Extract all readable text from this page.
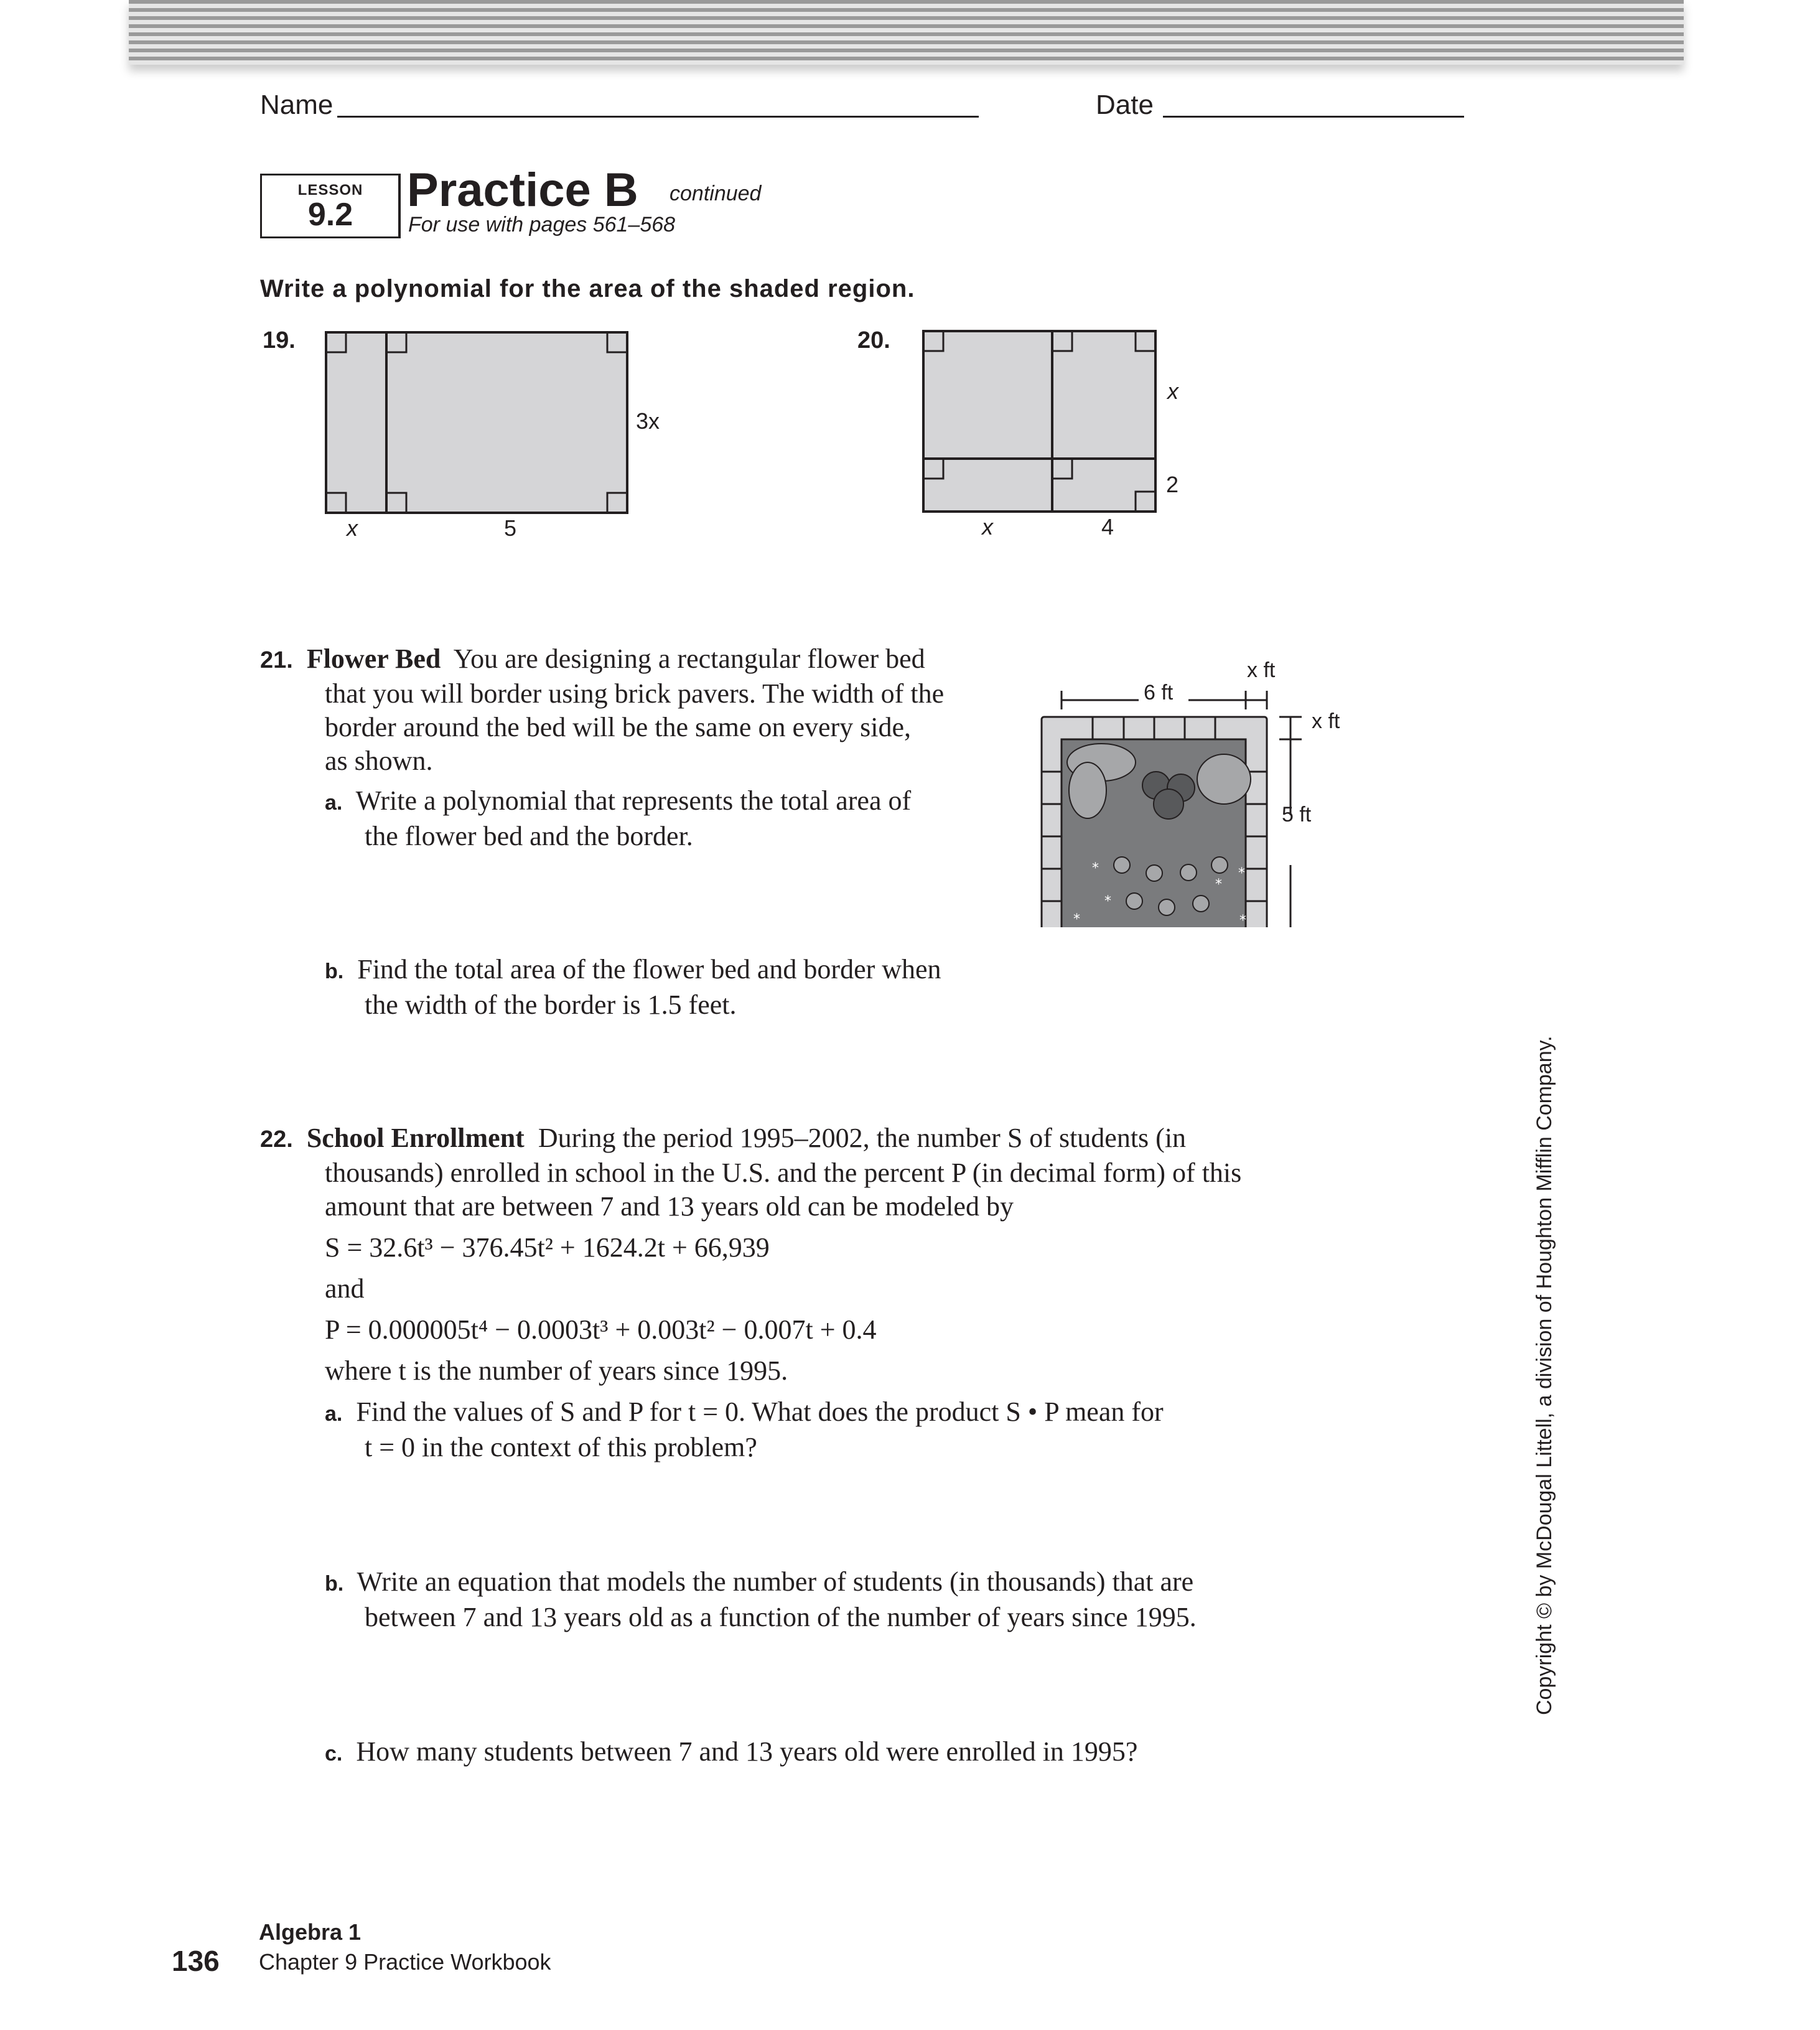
Name	Date
LESSON
9.2	Practice B continued
For use with pages 561–568
Write a polynomial for the area of the shaded region.
19.
x	5
3x
20.
x	4
x
2
21. Flower Bed You are designing a rectangular flower bed
that you will border using brick pavers. The width of the
border around the bed will be the same on every side,
as shown.
a. Write a polynomial that represents the total area of
the flower bed and the border.
b. Find the total area of the flower bed and border when
the width of the border is 1.5 feet.
*
*
*
*
*
*
6 ft
x ft
x ft
5 ft
22. School Enrollment During the period 1995–2002, the number S of students (in
thousands) enrolled in school in the U.S. and the percent P (in decimal form) of this
amount that are between 7 and 13 years old can be modeled by
S = 32.6t³ − 376.45t² + 1624.2t + 66,939
and
P = 0.000005t⁴ − 0.0003t³ + 0.003t² − 0.007t + 0.4
where t is the number of years since 1995.
a. Find the values of S and P for t = 0. What does the product S • P mean for
t = 0 in the context of this problem?
b. Write an equation that models the number of students (in thousands) that are
between 7 and 13 years old as a function of the number of years since 1995.
c. How many students between 7 and 13 years old were enrolled in 1995?
Copyright © by McDougal Littell, a division of Houghton Mifflin Company.
Algebra 1
Chapter 9 Practice Workbook
136
